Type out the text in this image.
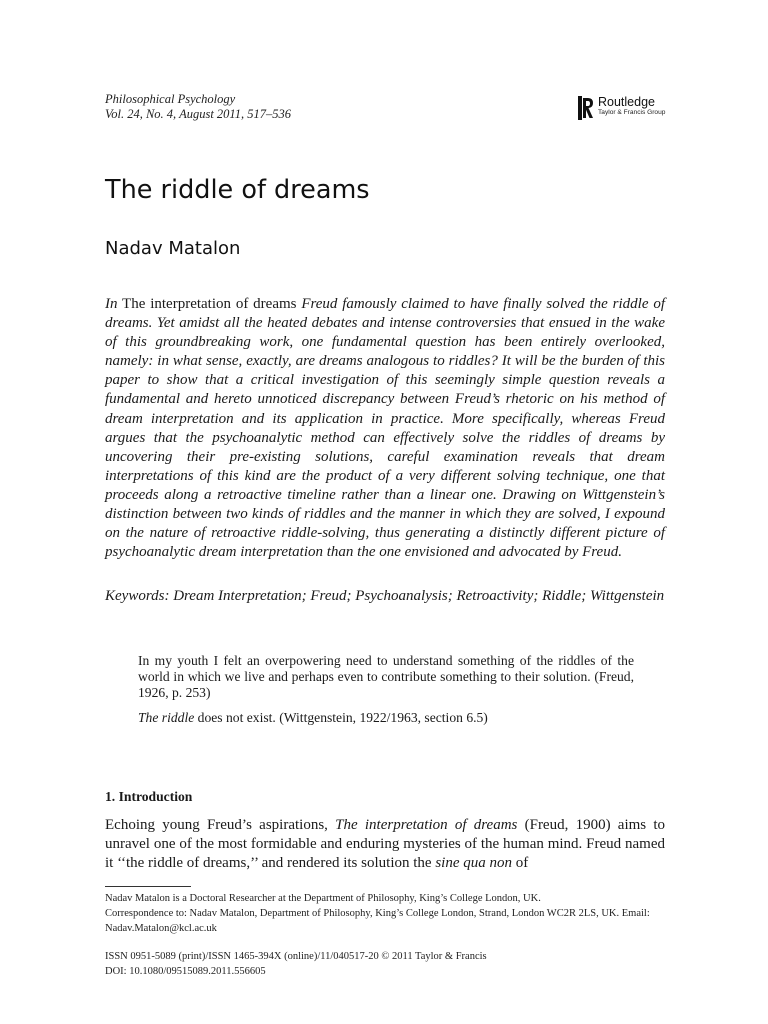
Philosophical Psychology
Vol. 24, No. 4, August 2011, 517–536
Routledge
Taylor & Francis Group
The riddle of dreams
Nadav Matalon

In The interpretation of dreams Freud famously claimed to have finally solved the riddle of dreams. Yet amidst all the heated debates and intense controversies that ensued in the wake of this groundbreaking work, one fundamental question has been entirely overlooked, namely: in what sense, exactly, are dreams analogous to riddles? It will be the burden of this paper to show that a critical investigation of this seemingly simple question reveals a fundamental and hereto unnoticed discrepancy between Freud’s rhetoric on his method of dream interpretation and its application in practice. More specifically, whereas Freud argues that the psychoanalytic method can effectively solve the riddles of dreams by uncovering their pre-existing solutions, careful examination reveals that dream interpretations of this kind are the product of a very different solving technique, one that proceeds along a retroactive timeline rather than a linear one. Drawing on Wittgenstein’s distinction between two kinds of riddles and the manner in which they are solved, I expound on the nature of retroactive riddle-solving, thus generating a distinctly different picture of psychoanalytic dream interpretation than the one envisioned and advocated by Freud.

Keywords: Dream Interpretation; Freud; Psychoanalysis; Retroactivity; Riddle; Wittgenstein

In my youth I felt an overpowering need to understand something of the riddles of the world in which we live and perhaps even to contribute something to their solution. (Freud, 1926, p. 253)

The riddle does not exist. (Wittgenstein, 1922/1963, section 6.5)

1. Introduction

Echoing young Freud’s aspirations, The interpretation of dreams (Freud, 1900) aims to unravel one of the most formidable and enduring mysteries of the human mind. Freud named it ‘‘the riddle of dreams,’’ and rendered its solution the sine qua non of

Nadav Matalon is a Doctoral Researcher at the Department of Philosophy, King’s College London, UK.

Correspondence to: Nadav Matalon, Department of Philosophy, King’s College London, Strand, London WC2R 2LS, UK. Email: Nadav.Matalon@kcl.ac.uk

ISSN 0951-5089 (print)/ISSN 1465-394X (online)/11/040517-20 © 2011 Taylor & Francis

DOI: 10.1080/09515089.2011.556605
